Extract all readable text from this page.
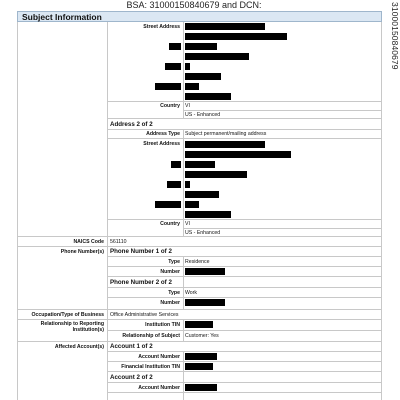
BSA: 31000150840679 and DCN:	31000150840679
Subject Information
Street Address
Country VI
US - Enhanced
Address 2 of 2
Address Type Subject permanent/mailing address
Street Address
Country VI
US - Enhanced
NAICS Code 561110
Phone Number(s) Phone Number 1 of 2
Type Residence
Number
Phone Number 2 of 2
Type Work
Number
Occupation/Type of Business Office Administrative Services
Relationship to Reporting
Institution(s)
Institution TIN
Relationship of Subject Customer: Yes
Affected Account(s) Account 1 of 2
Account Number
Financial Institution TIN
Account 2 of 2
Account Number
